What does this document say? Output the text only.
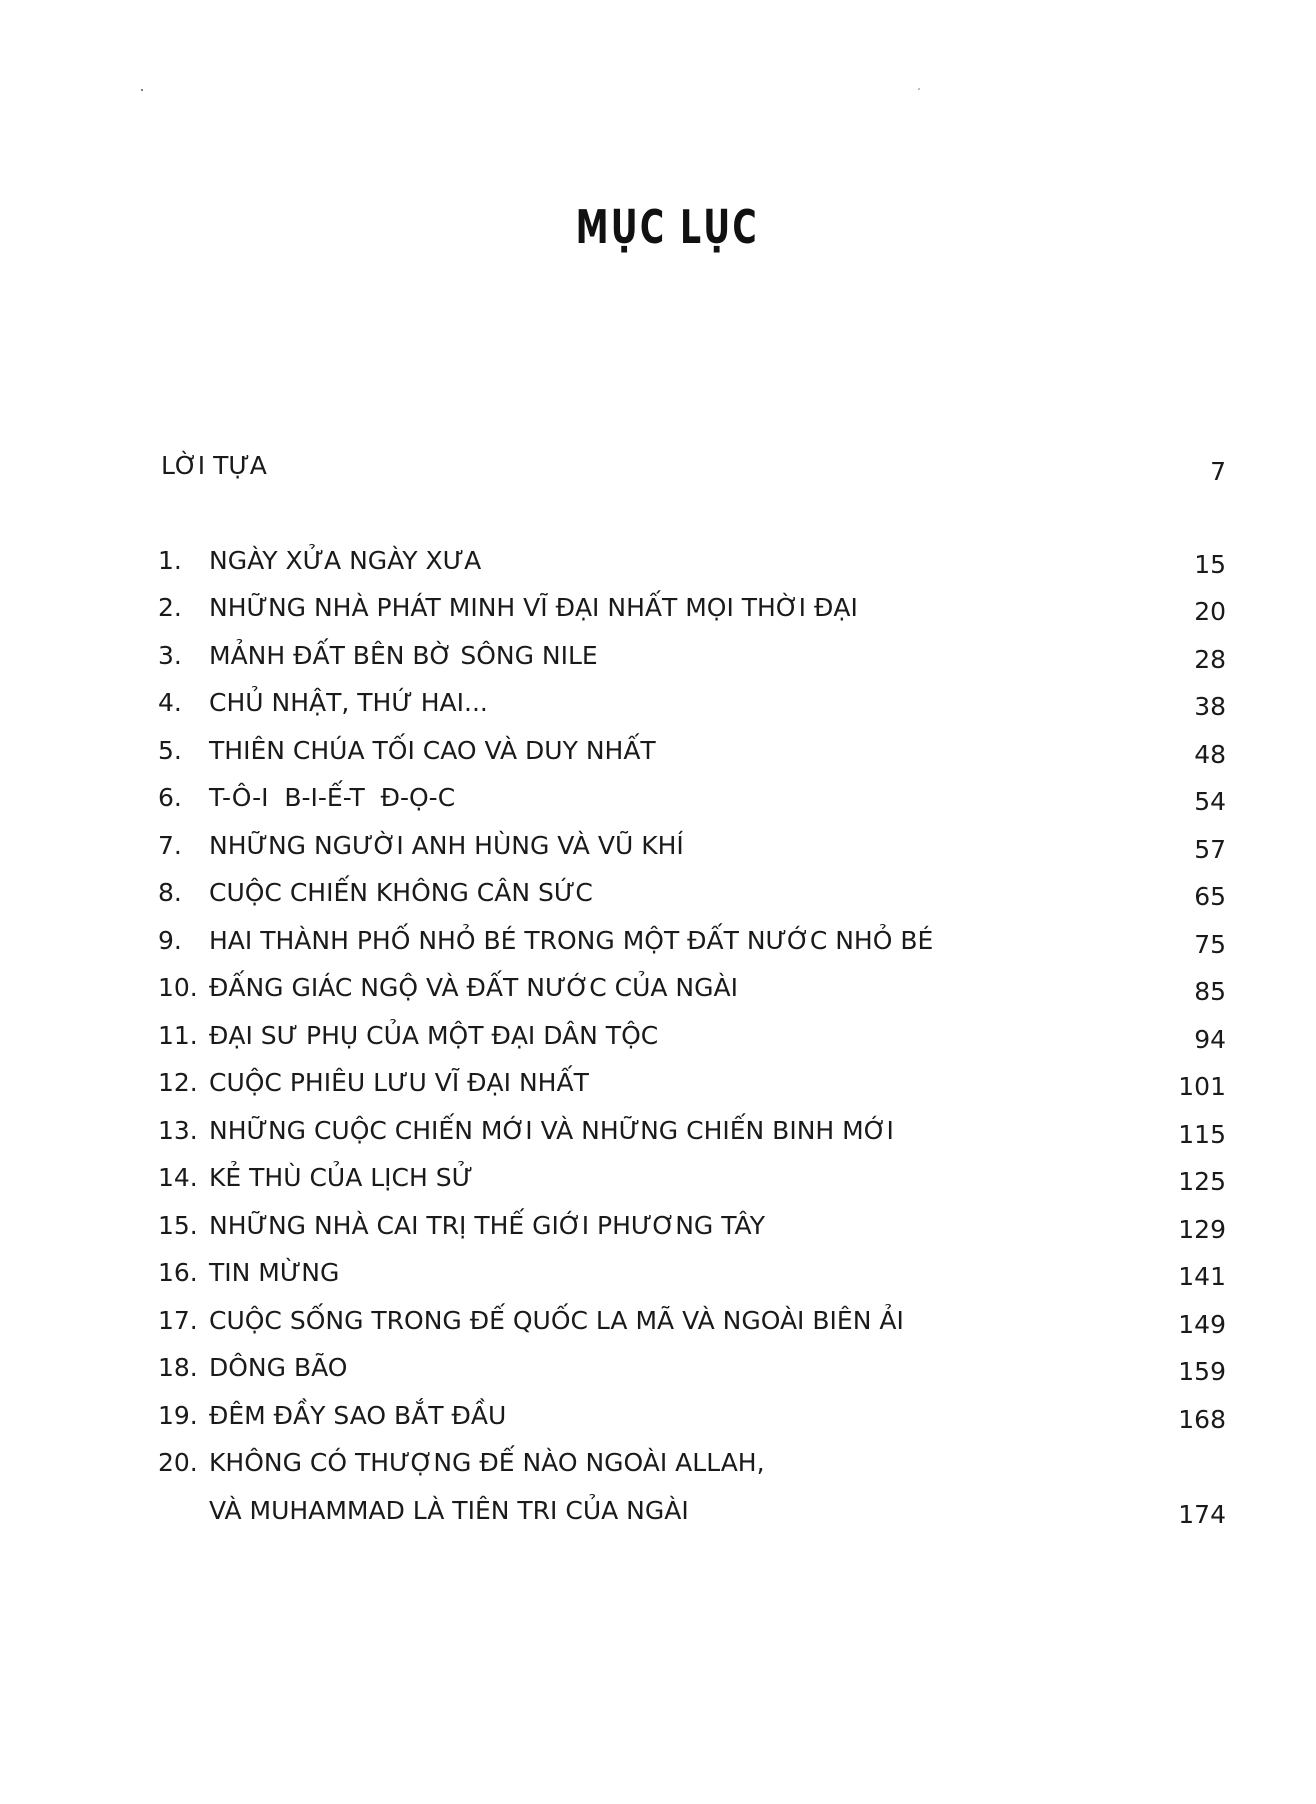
MỤC LỤC
LỜI TỰA	7
1. NGÀY XỬA NGÀY XƯA	15
2. NHỮNG NHÀ PHÁT MINH VĨ ĐẠI NHẤT MỌI THỜI ĐẠI	20
3. MẢNH ĐẤT BÊN BỜ SÔNG NILE	28
4. CHỦ NHẬT, THỨ HAI...	38
5. THIÊN CHÚA TỐI CAO VÀ DUY NHẤT	48
6. T-Ô-I  B-I-Ế-T  Đ-Ọ-C	54
7. NHỮNG NGƯỜI ANH HÙNG VÀ VŨ KHÍ	57
8. CUỘC CHIẾN KHÔNG CÂN SỨC	65
9. HAI THÀNH PHỐ NHỎ BÉ TRONG MỘT ĐẤT NƯỚC NHỎ BÉ	75
10. ĐẤNG GIÁC NGỘ VÀ ĐẤT NƯỚC CỦA NGÀI	85
11. ĐẠI SƯ PHỤ CỦA MỘT ĐẠI DÂN TỘC	94
12. CUỘC PHIÊU LƯU VĨ ĐẠI NHẤT	101
13. NHỮNG CUỘC CHIẾN MỚI VÀ NHỮNG CHIẾN BINH MỚI	115
14. KẺ THÙ CỦA LỊCH SỬ	125
15. NHỮNG NHÀ CAI TRỊ THẾ GIỚI PHƯƠNG TÂY	129
16. TIN MỪNG	141
17. CUỘC SỐNG TRONG ĐẾ QUỐC LA MÃ VÀ NGOÀI BIÊN ẢI	149
18. DÔNG BÃO	159
19. ĐÊM ĐẦY SAO BẮT ĐẦU	168
20. KHÔNG CÓ THƯỢNG ĐẾ NÀO NGOÀI ALLAH,
VÀ MUHAMMAD LÀ TIÊN TRI CỦA NGÀI	174
